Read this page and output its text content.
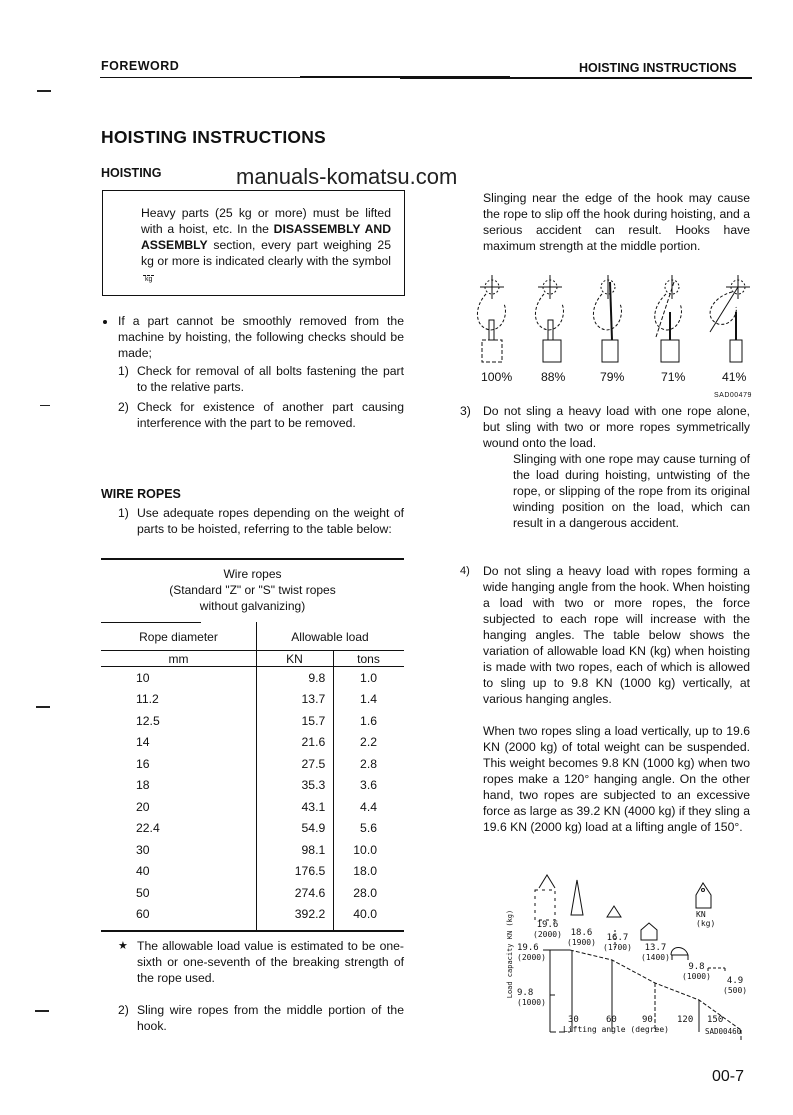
FOREWORD	HOISTING INSTRUCTIONS
HOISTING INSTRUCTIONS
HOISTING	manuals-komatsu.com
Heavy parts (25 kg or more) must be lifted with a hoist, etc. In the DISASSEMBLY AND ASSEMBLY section, every part weighing 25 kg or more is indicated clearly with the symbol kg
If a part cannot be smoothly removed from the machine by hoisting, the following checks should be made;
1) Check for removal of all bolts fastening the part to the relative parts.
2) Check for existence of another part causing interference with the part to be removed.
WIRE ROPES
1) Use adequate ropes depending on the weight of parts to be hoisted, referring to the table below:
Wire ropes
(Standard "Z" or "S" twist ropes
without galvanizing)
Rope diameter	Allowable load
mm	KN	tons
10	9.8	1.0
11.2	13.7	1.4
12.5	15.7	1.6
14	21.6	2.2
16	27.5	2.8
18	35.3	3.6
20	43.1	4.4
22.4	54.9	5.6
30	98.1	10.0
40	176.5	18.0
50	274.6	28.0
60	392.2	40.0
★ The allowable load value is estimated to be one-sixth or one-seventh of the breaking strength of the rope used.
2) Sling wire ropes from the middle portion of the hook.
Slinging near the edge of the hook may cause the rope to slip off the hook during hoisting, and a serious accident can result. Hooks have maximum strength at the middle portion.
100% 88%	79%	71%	41%
SAD00479
3) Do not sling a heavy load with one rope alone, but sling with two or more ropes symmetrically wound onto the load.
Slinging with one rope may cause turning of the load during hoisting, untwisting of the rope, or slipping of the rope from its original winding position on the load, which can result in a dangerous accident.
4) Do not sling a heavy load with ropes forming a wide hanging angle from the hook. When hoisting a load with two or more ropes, the force subjected to each rope will increase with the hanging angles. The table below shows the variation of allowable load KN (kg) when hoisting is made with two ropes, each of which is allowed to sling up to 9.8 KN (1000 kg) vertically, at various hanging angles.
When two ropes sling a load vertically, up to 19.6 KN (2000 kg) of total weight can be suspended. This weight becomes 9.8 KN (1000 kg) when two ropes make a 120° hanging angle. On the other hand, two ropes are subjected to an excessive force as large as 39.2 KN (4000 kg) if they sling a 19.6 KN (2000 kg) load at a lifting angle of 150°.
Load capacity KN (kg) 19.6
(2000)
9.8
(1000)
19.6
(2000) 18.6
(1900)	16.7
(1700)	13.7
(1400)
9.8
(1000)	4.9
(500)
KN
(kg)
30	60	90	120 150
Lifting angle (degree)	SAD00460
00-7
